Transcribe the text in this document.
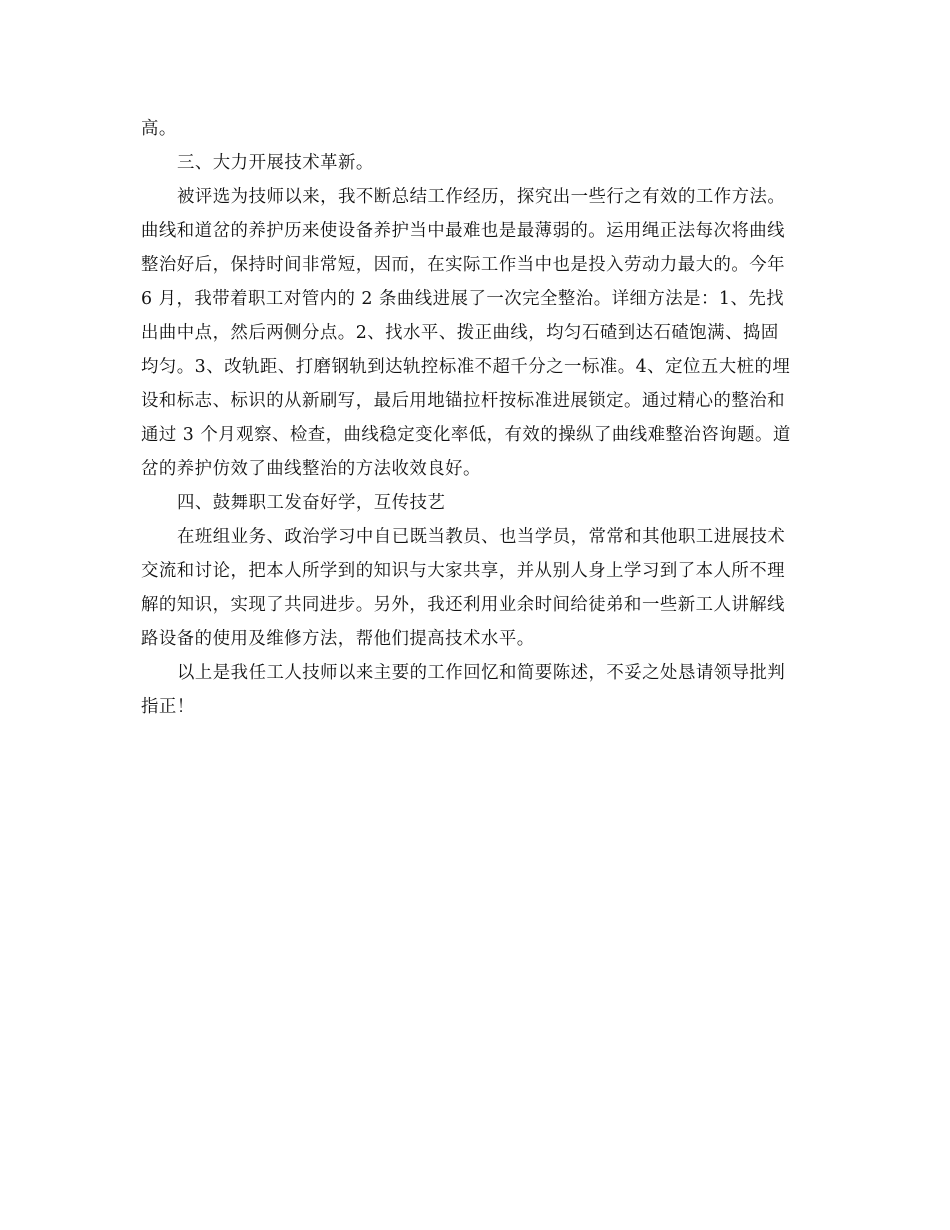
高。

三、大力开展技术革新。

被评选为技师以来，我不断总结工作经历，探究出一些行之有效的工作方法。
曲线和道岔的养护历来使设备养护当中最难也是最薄弱的。运用绳正法每次将曲线
整治好后，保持时间非常短，因而，在实际工作当中也是投入劳动力最大的。今年
6 月，我带着职工对管内的 2 条曲线进展了一次完全整治。详细方法是：1、先找
出曲中点，然后两侧分点。2、找水平、拨正曲线，均匀石碴到达石碴饱满、捣固
均匀。3、改轨距、打磨钢轨到达轨控标准不超千分之一标准。4、定位五大桩的埋
设和标志、标识的从新刷写，最后用地锚拉杆按标准进展锁定。通过精心的整治和
通过 3 个月观察、检查，曲线稳定变化率低，有效的操纵了曲线难整治咨询题。道
岔的养护仿效了曲线整治的方法收效良好。

四、鼓舞职工发奋好学，互传技艺

在班组业务、政治学习中自已既当教员、也当学员，常常和其他职工进展技术
交流和讨论，把本人所学到的知识与大家共享，并从别人身上学习到了本人所不理
解的知识，实现了共同进步。另外，我还利用业余时间给徒弟和一些新工人讲解线
路设备的使用及维修方法，帮他们提高技术水平。

以上是我任工人技师以来主要的工作回忆和简要陈述，不妥之处恳请领导批判
指正！
